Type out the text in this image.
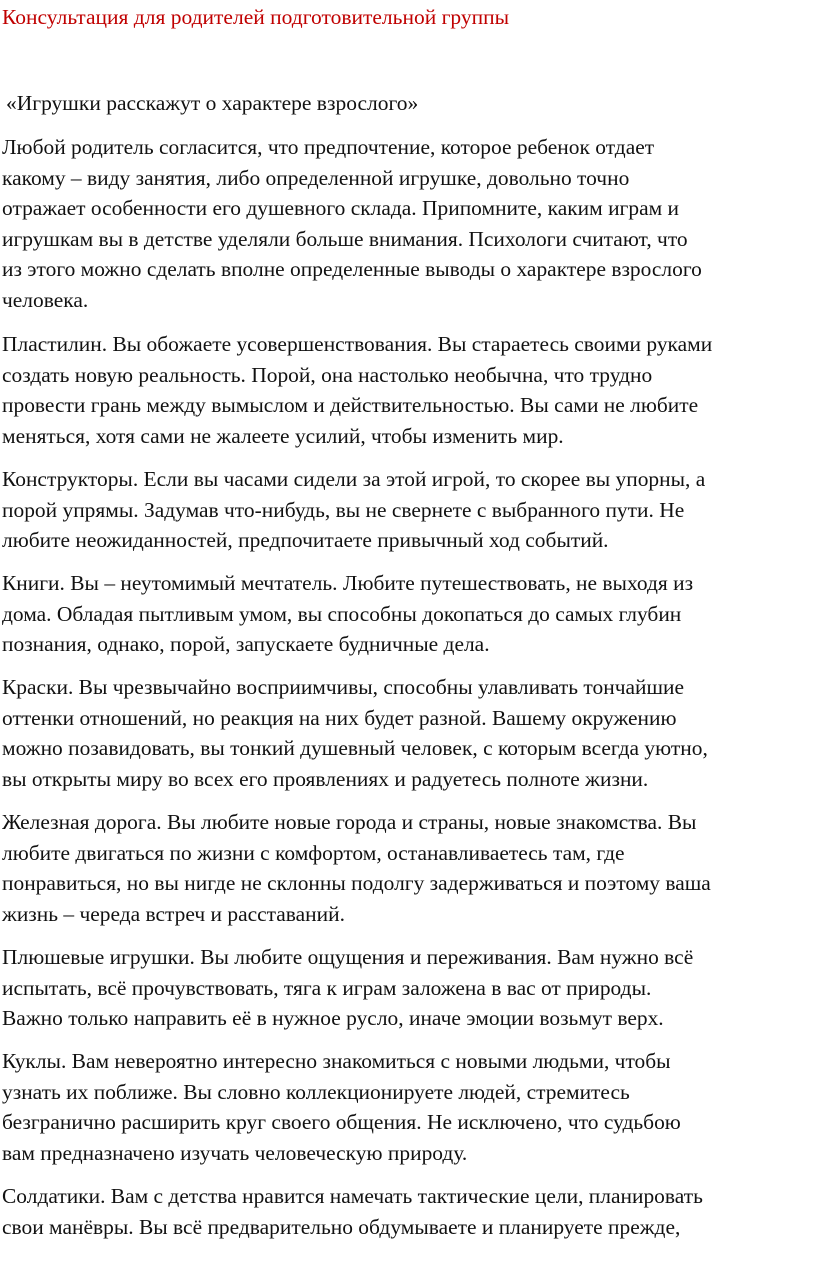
Консультация для родителей подготовительной группы
«Игрушки расскажут о характере взрослого»
Любой родитель согласится, что предпочтение, которое ребенок отдает
какому – виду занятия, либо определенной игрушке, довольно точно
отражает особенности его душевного склада. Припомните, каким играм и
игрушкам вы в детстве уделяли больше внимания. Психологи считают, что
из этого можно сделать вполне определенные выводы о характере взрослого
человека.
Пластилин. Вы обожаете усовершенствования. Вы стараетесь своими руками
создать новую реальность. Порой, она настолько необычна, что трудно
провести грань между вымыслом и действительностью. Вы сами не любите
меняться, хотя сами не жалеете усилий, чтобы изменить мир.
Конструкторы. Если вы часами сидели за этой игрой, то скорее вы упорны, а
порой упрямы. Задумав что-нибудь, вы не свернете с выбранного пути. Не
любите неожиданностей, предпочитаете привычный ход событий.
Книги. Вы – неутомимый мечтатель. Любите путешествовать, не выходя из
дома. Обладая пытливым умом, вы способны докопаться до самых глубин
познания, однако, порой, запускаете будничные дела.
Краски. Вы чрезвычайно восприимчивы, способны улавливать тончайшие
оттенки отношений, но реакция на них будет разной. Вашему окружению
можно позавидовать, вы тонкий душевный человек, с которым всегда уютно,
вы открыты миру во всех его проявлениях и радуетесь полноте жизни.
Железная дорога. Вы любите новые города и страны, новые знакомства. Вы
любите двигаться по жизни с комфортом, останавливаетесь там, где
понравиться, но вы нигде не склонны подолгу задерживаться и поэтому ваша
жизнь – череда встреч и расставаний.
Плюшевые игрушки. Вы любите ощущения и переживания. Вам нужно всё
испытать, всё прочувствовать, тяга к играм заложена в вас от природы.
Важно только направить её в нужное русло, иначе эмоции возьмут верх.
Куклы. Вам невероятно интересно знакомиться с новыми людьми, чтобы
узнать их поближе. Вы словно коллекционируете людей, стремитесь
безгранично расширить круг своего общения. Не исключено, что судьбою
вам предназначено изучать человеческую природу.
Солдатики. Вам с детства нравится намечать тактические цели, планировать
свои манёвры. Вы всё предварительно обдумываете и планируете прежде,
